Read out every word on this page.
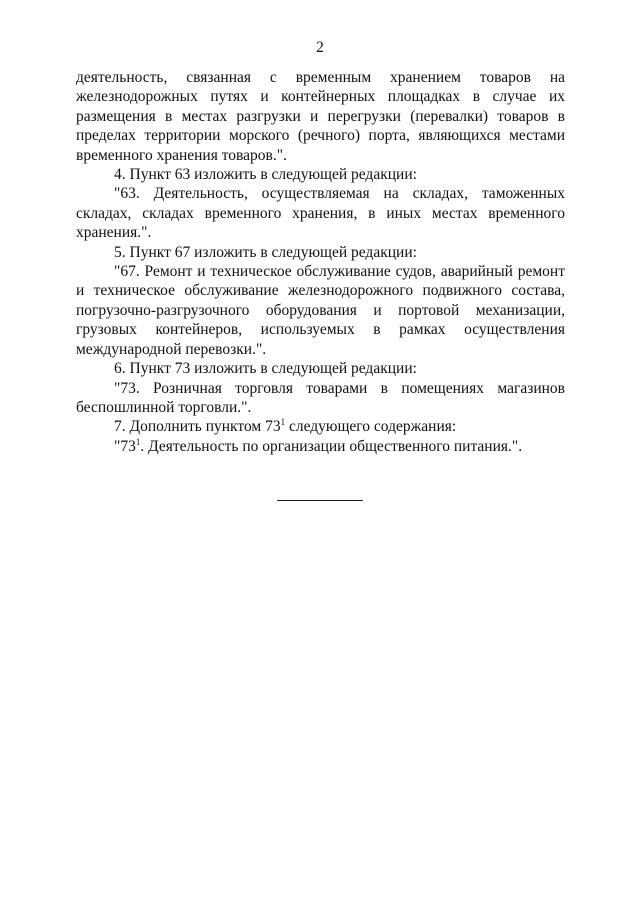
2

деятельность, связанная с временным хранением товаров на железнодорожных путях и контейнерных площадках в случае их размещения в местах разгрузки и перегрузки (перевалки) товаров в пределах территории морского (речного) порта, являющихся местами временного хранения товаров.".

4. Пункт 63 изложить в следующей редакции:

"63. Деятельность, осуществляемая на складах, таможенных складах, складах временного хранения, в иных местах временного хранения.".

5. Пункт 67 изложить в следующей редакции:

"67. Ремонт и техническое обслуживание судов, аварийный ремонт и техническое обслуживание железнодорожного подвижного состава, погрузочно-разгрузочного оборудования и портовой механизации, грузовых контейнеров, используемых в рамках осуществления международной перевозки.".

6. Пункт 73 изложить в следующей редакции:

"73. Розничная торговля товарами в помещениях магазинов беспошлинной торговли.".

7. Дополнить пунктом $73^1$ следующего содержания:

"$73^1$. Деятельность по организации общественного питания.".
